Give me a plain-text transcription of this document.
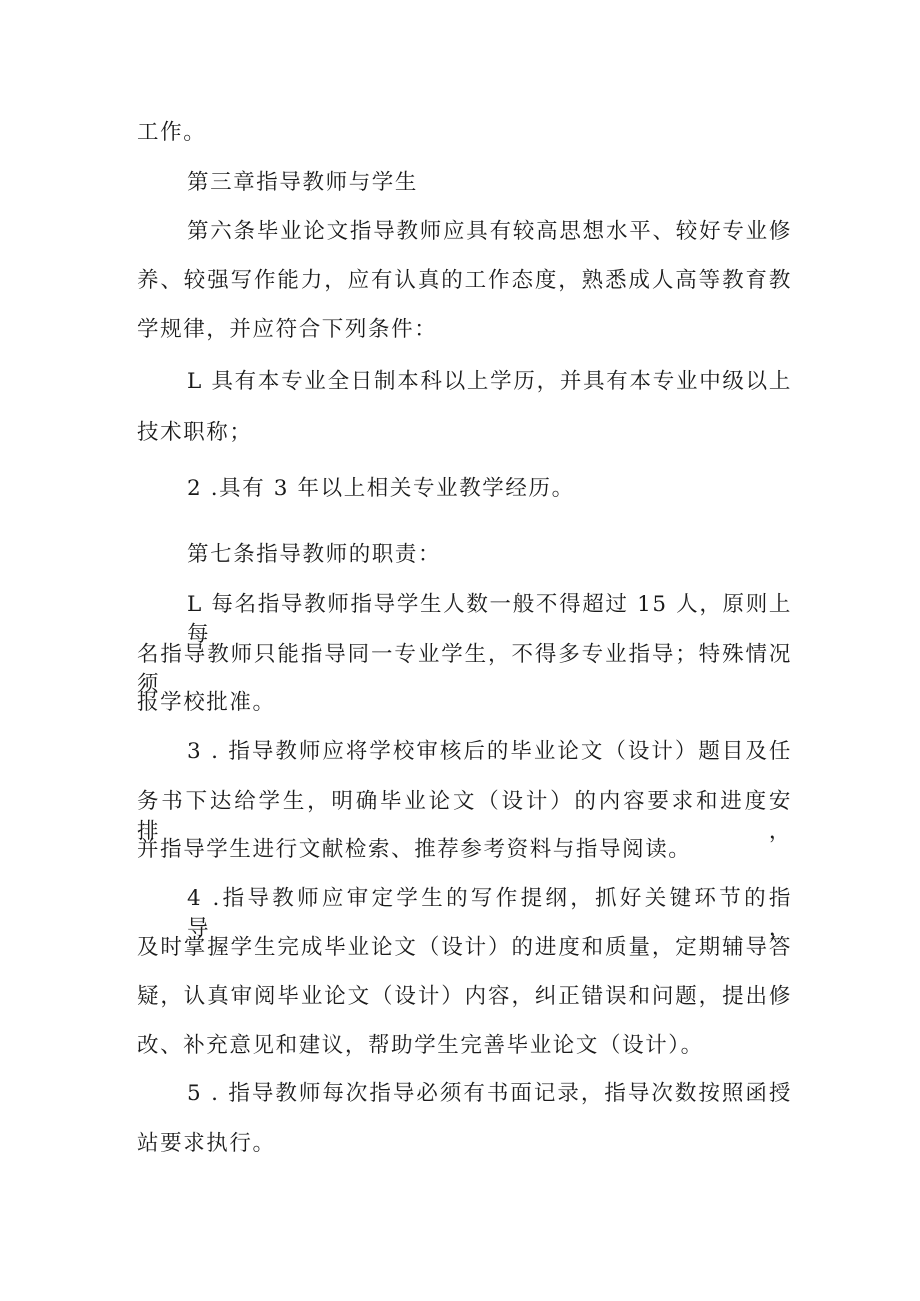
工作。
第三章指导教师与学生
第六条毕业论文指导教师应具有较高思想水平、较好专业修
养、较强写作能力，应有认真的工作态度，熟悉成人高等教育教
学规律，并应符合下列条件：
L 具有本专业全日制本科以上学历，并具有本专业中级以上
技术职称；
2 .具有 3 年以上相关专业教学经历。
第七条指导教师的职责：
L 每名指导教师指导学生人数一般不得超过 15 人，原则上每
名指导教师只能指导同一专业学生，不得多专业指导；特殊情况须
报学校批准。
3 . 指导教师应将学校审核后的毕业论文（设计）题目及任
务书下达给学生，明确毕业论文（设计）的内容要求和进度安排，
并指导学生进行文献检索、推荐参考资料与指导阅读。
4 .指导教师应审定学生的写作提纲，抓好关键环节的指导，
及时掌握学生完成毕业论文（设计）的进度和质量，定期辅导答
疑，认真审阅毕业论文（设计）内容，纠正错误和问题，提出修
改、补充意见和建议，帮助学生完善毕业论文（设计）。
5 . 指导教师每次指导必须有书面记录，指导次数按照函授
站要求执行。
